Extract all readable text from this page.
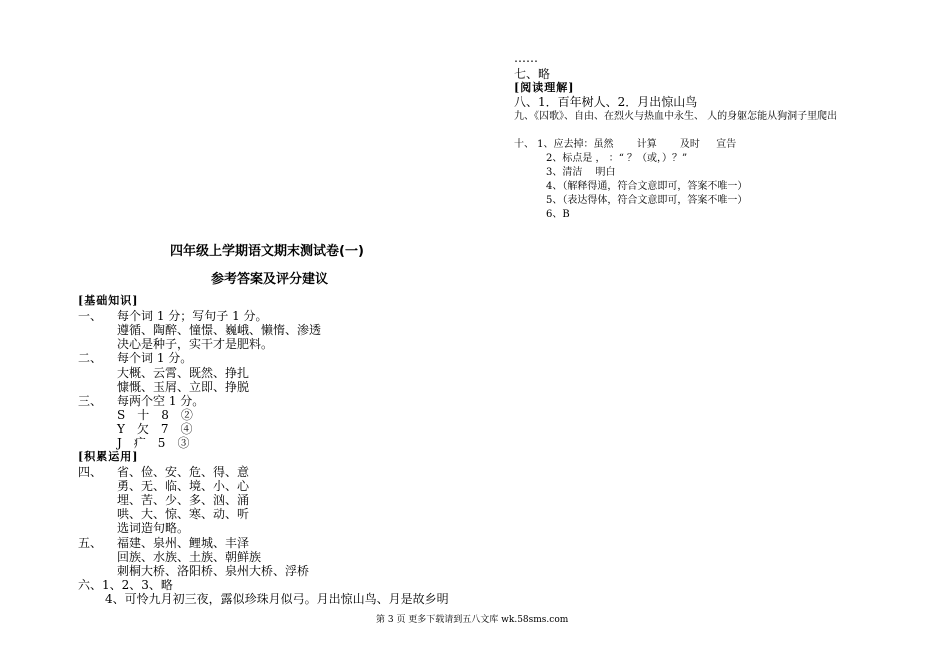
……
七、略
[阅读理解]
八、1．百年树人、2．月出惊山鸟
九、《囚歌》、自由、在烈火与热血中永生、 人的身躯怎能从狗洞子里爬出
十、 1、应去掉：虽然 　　计算 　　及时 　 宣告
2、标点是 ， ：“ ？（或，）？”
3、清洁 　明白
4、（解释得通，符合文意即可，答案不唯一）
5、（表达得体，符合文意即可，答案不唯一）
6、B
四年级上学期语文期末测试卷(一)
参考答案及评分建议
[基础知识]
一、 每个词 1 分；写句子 1 分。
遵循、陶醉、憧憬、巍峨、懒惰、渗透
决心是种子，实干才是肥料。
二、 每个词 1 分。
大概、云霄、既然、挣扎
慷慨、玉屑、立即、挣脱
三、 每两个空 1 分。
S　十　8　②
Y　欠　7　④
J　疒　5　③
[积累运用]
四、 省、俭、安、危、得、意
勇、无、临、境、小、心
埋、苦、少、多、汹、涌
哄、大、惊、寒、动、听
选词造句略。
五、 福建、泉州、鲤城、丰泽
回族、水族、土族、朝鲜族
刺桐大桥、洛阳桥、泉州大桥、浮桥
六、1、2、3、略
4、可怜九月初三夜，露似珍珠月似弓。月出惊山鸟、月是故乡明
第 3 页 更多下载请到五八文库 wk.58sms.com
